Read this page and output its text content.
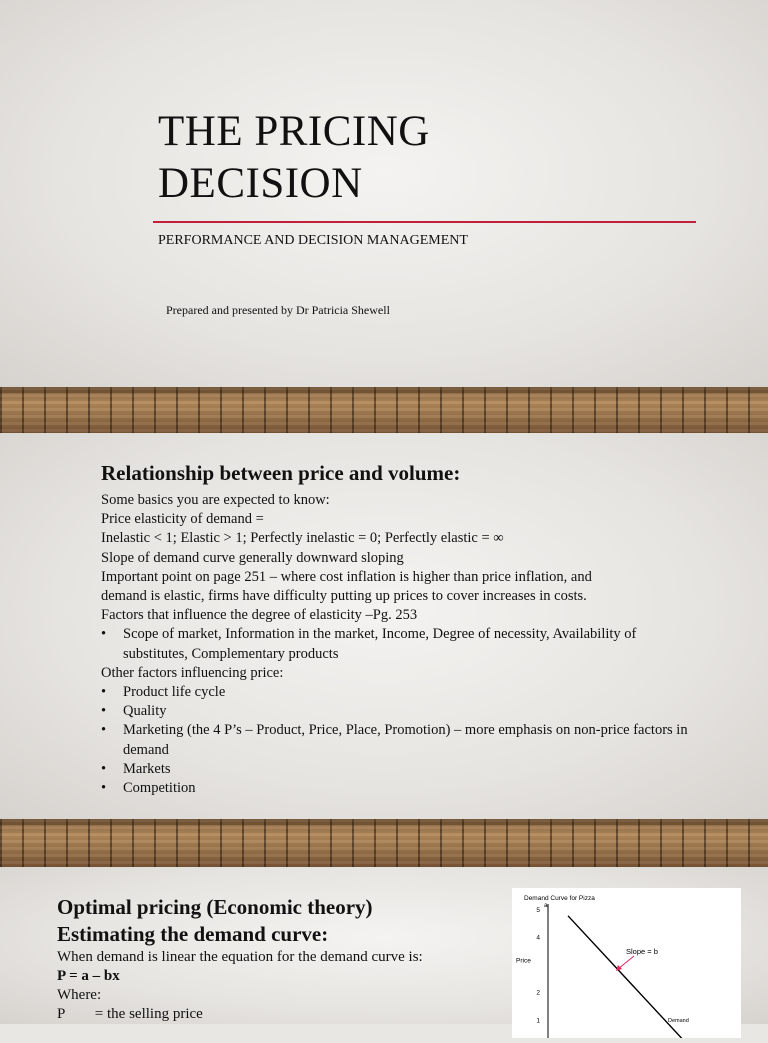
THE PRICING
DECISION
PERFORMANCE AND DECISION MANAGEMENT
Prepared and presented by Dr Patricia Shewell
Relationship between price and volume:
Some basics you are expected to know:
Price elasticity of demand =
Inelastic < 1; Elastic > 1; Perfectly inelastic = 0; Perfectly elastic = ∞
Slope of demand curve generally downward sloping
Important point on page 251 – where cost inflation is higher than price inflation, and
demand is elastic, firms have difficulty putting up prices to cover increases in costs.
Factors that influence the degree of elasticity –Pg. 253
• Scope of market, Information in the market, Income, Degree of necessity, Availability of substitutes, Complementary products
Other factors influencing price:
• Product life cycle
• Quality
• Marketing (the 4 P’s – Product, Price, Place, Promotion) – more emphasis on non-price factors in demand
• Markets
• Competition
Optimal pricing (Economic theory)
Estimating the demand curve:
When demand is linear the equation for the demand curve is:
P = a – bx
Where:
P        = the selling price
Demand Curve for Pizza
1
2
4
5
Price
a
Slope = b
Demand
